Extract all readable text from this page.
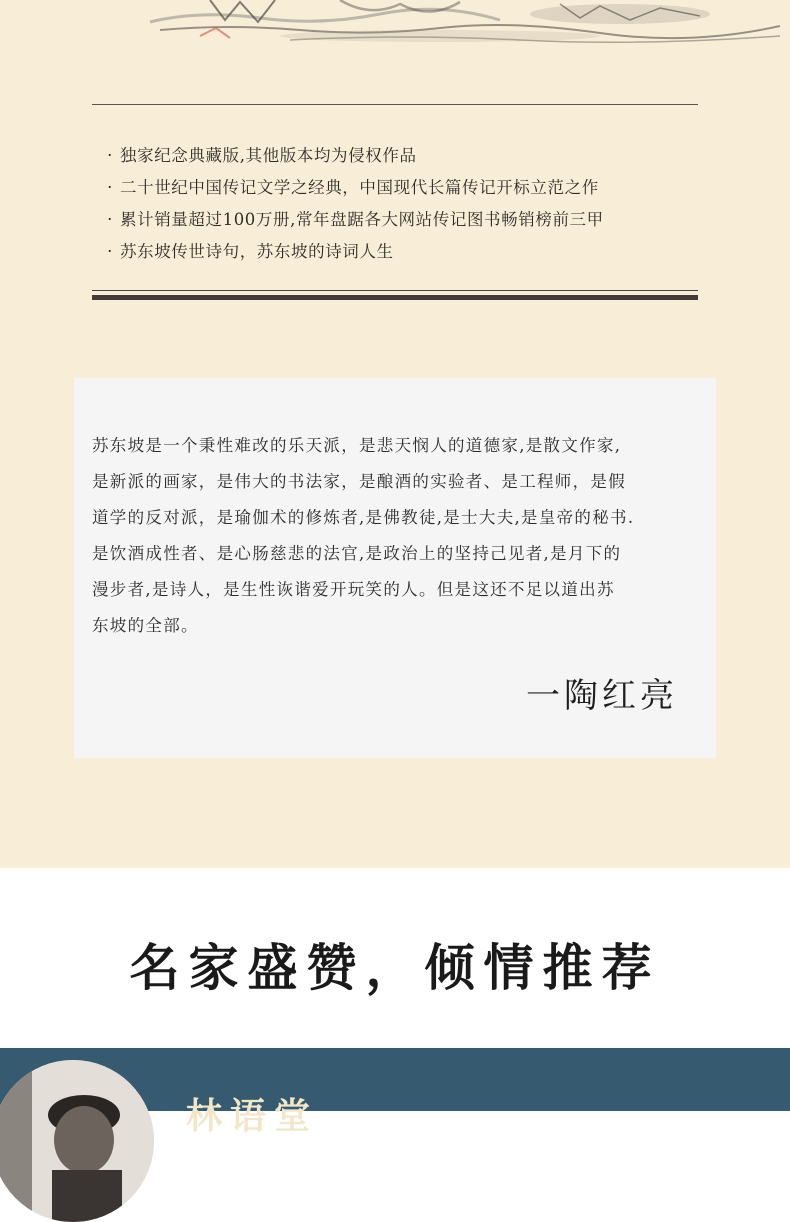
· 独家纪念典藏版,其他版本均为侵权作品
· 二十世纪中国传记文学之经典，中国现代长篇传记开标立范之作
· 累计销量超过100万册,常年盘踞各大网站传记图书畅销榜前三甲
· 苏东坡传世诗句，苏东坡的诗词人生
苏东坡是一个秉性难改的乐天派，是悲天悯人的道德家,是散文作家,
是新派的画家，是伟大的书法家，是酿酒的实验者、是工程师，是假
道学的反对派，是瑜伽术的修炼者,是佛教徒,是士大夫,是皇帝的秘书.
是饮酒成性者、是心肠慈悲的法官,是政治上的坚持己见者,是月下的
漫步者,是诗人，是生性诙谐爱开玩笑的人。但是这还不足以道出苏
东坡的全部。

一陶红亮

名家盛赞，倾情推荐

林语堂
